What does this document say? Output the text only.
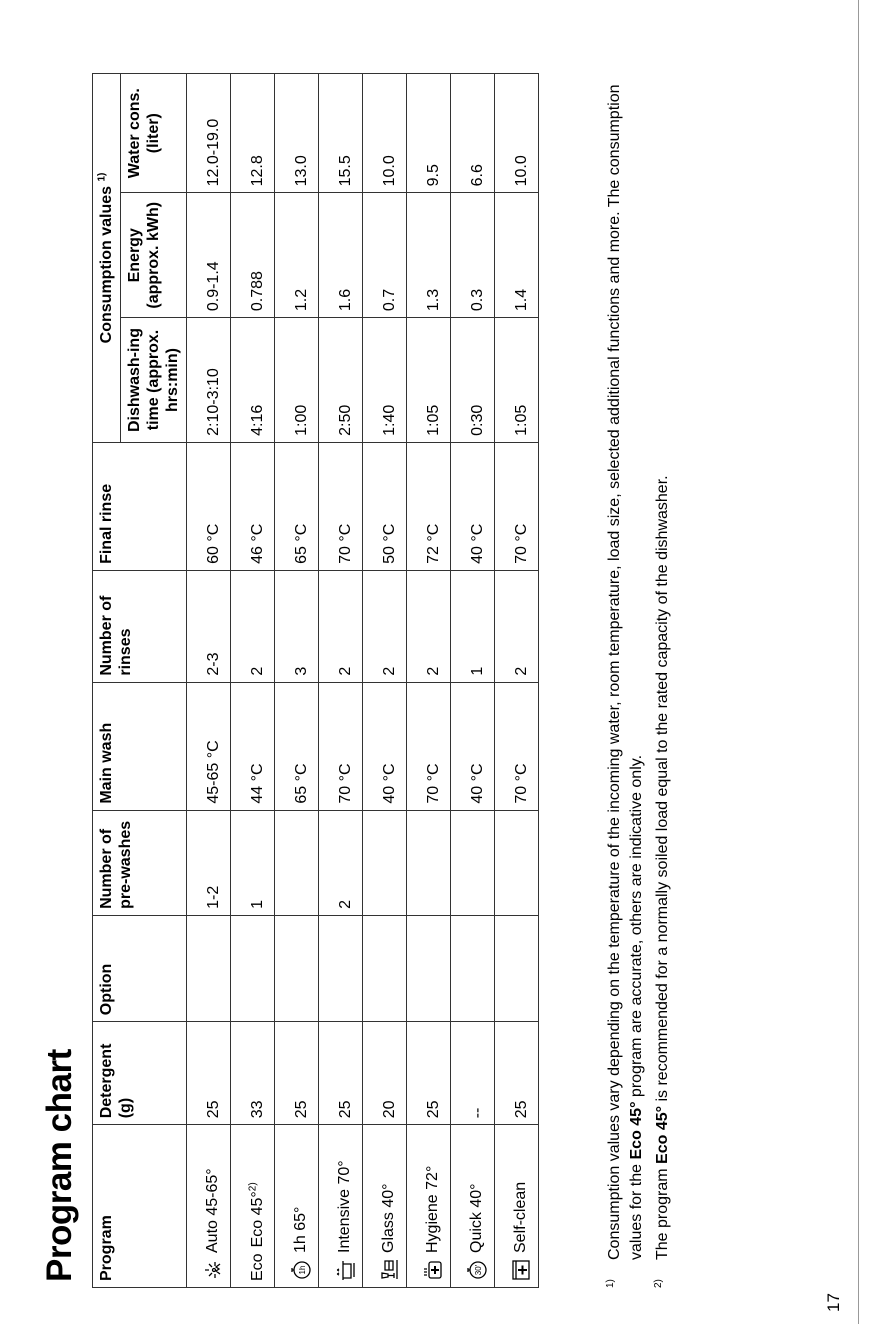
Program chart Program	Detergent (g)	Option	Number of pre-washes	Main wash	Number of rinses	Final rinse	Consumption values $^{1)}$
							Dishwash-ing time (approx. hrs:min)	Energy (approx. kWh)	Water cons. (liter)

Auto 45-65°	25		1-2	45-65 °C	2-3	60 °C	2:10-3:10	0.9-1.4	12.0-19.0
EcoEco 45°$^{2)}$	33		1	44 °C	2	46 °C	4:16	0.788	12.8

1h
1h 65°	25			65 °C	3	65 °C	1:00	1.2	13.0

Intensive 70°	25		2	70 °C	2	70 °C	2:50	1.6	15.5

Glass 40°	20			40 °C	2	50 °C	1:40	0.7	10.0

Hygiene 72°	25			70 °C	2	72 °C	1:05	1.3	9.5

30'
Quick 40°	--			40 °C	1	40 °C	0:30	0.3	6.6

Self-clean	25			70 °C	2	70 °C	1:05	1.4	10.0
1)
Consumption values vary depending on the temperature of the incoming water, room temperature, load size, selected additional functions and more. The consumption values for the Eco 45° program are accurate, others are indicative only.
2)
The program Eco 45° is recommended for a normally soiled load equal to the rated capacity of the dishwasher.
17
